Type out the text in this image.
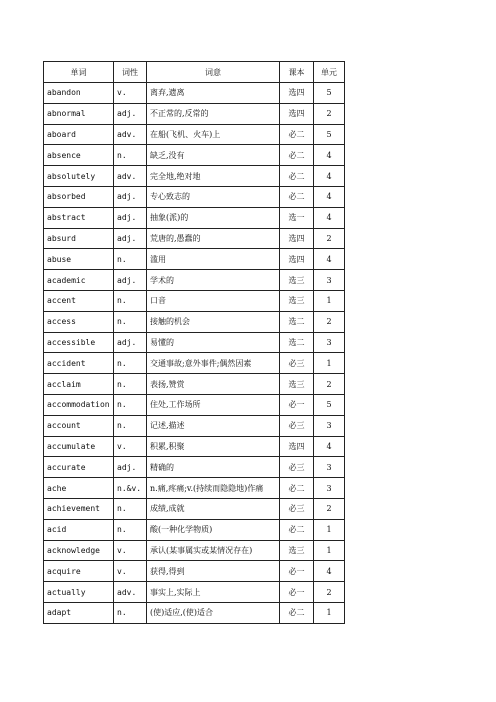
单词	词性	词意	课本	单元
abandon	v.	离弃,遗离	选四	5
abnormal	adj.	不正常的,反常的	选四	2
aboard	adv.	在船(飞机、火车)上	必二	5
absence	n.	缺乏,没有	必二	4
absolutely	adv.	完全地,绝对地	必二	4
absorbed	adj.	专心致志的	必二	4
abstract	adj.	抽象(派)的	选一	4
absurd	adj.	荒唐的,愚蠢的	选四	2
abuse	n.	滥用	选四	4
academic	adj.	学术的	选三	3
accent	n.	口音	选三	1
access	n.	接触的机会	选二	2
accessible	adj.	易懂的	选二	3
accident	n.	交通事故;意外事件;偶然因素	必三	1
acclaim	n.	表扬,赞赏	选三	2
accommodation	n.	住处,工作场所	必一	5
account	n.	记述,描述	必三	3
accumulate	v.	积累,积聚	选四	4
accurate	adj.	精确的	必三	3
ache	n.&v.	n.痛,疼痛;v.(持续而隐隐地)作痛	必二	3
achievement	n.	成绩,成就	必三	2
acid	n.	酸(一种化学物质)	必二	1
acknowledge	v.	承认(某事属实或某情况存在)	选三	1
acquire	v.	获得,得到	必一	4
actually	adv.	事实上,实际上	必一	2
adapt	n.	(使)适应,(使)适合	必二	1
